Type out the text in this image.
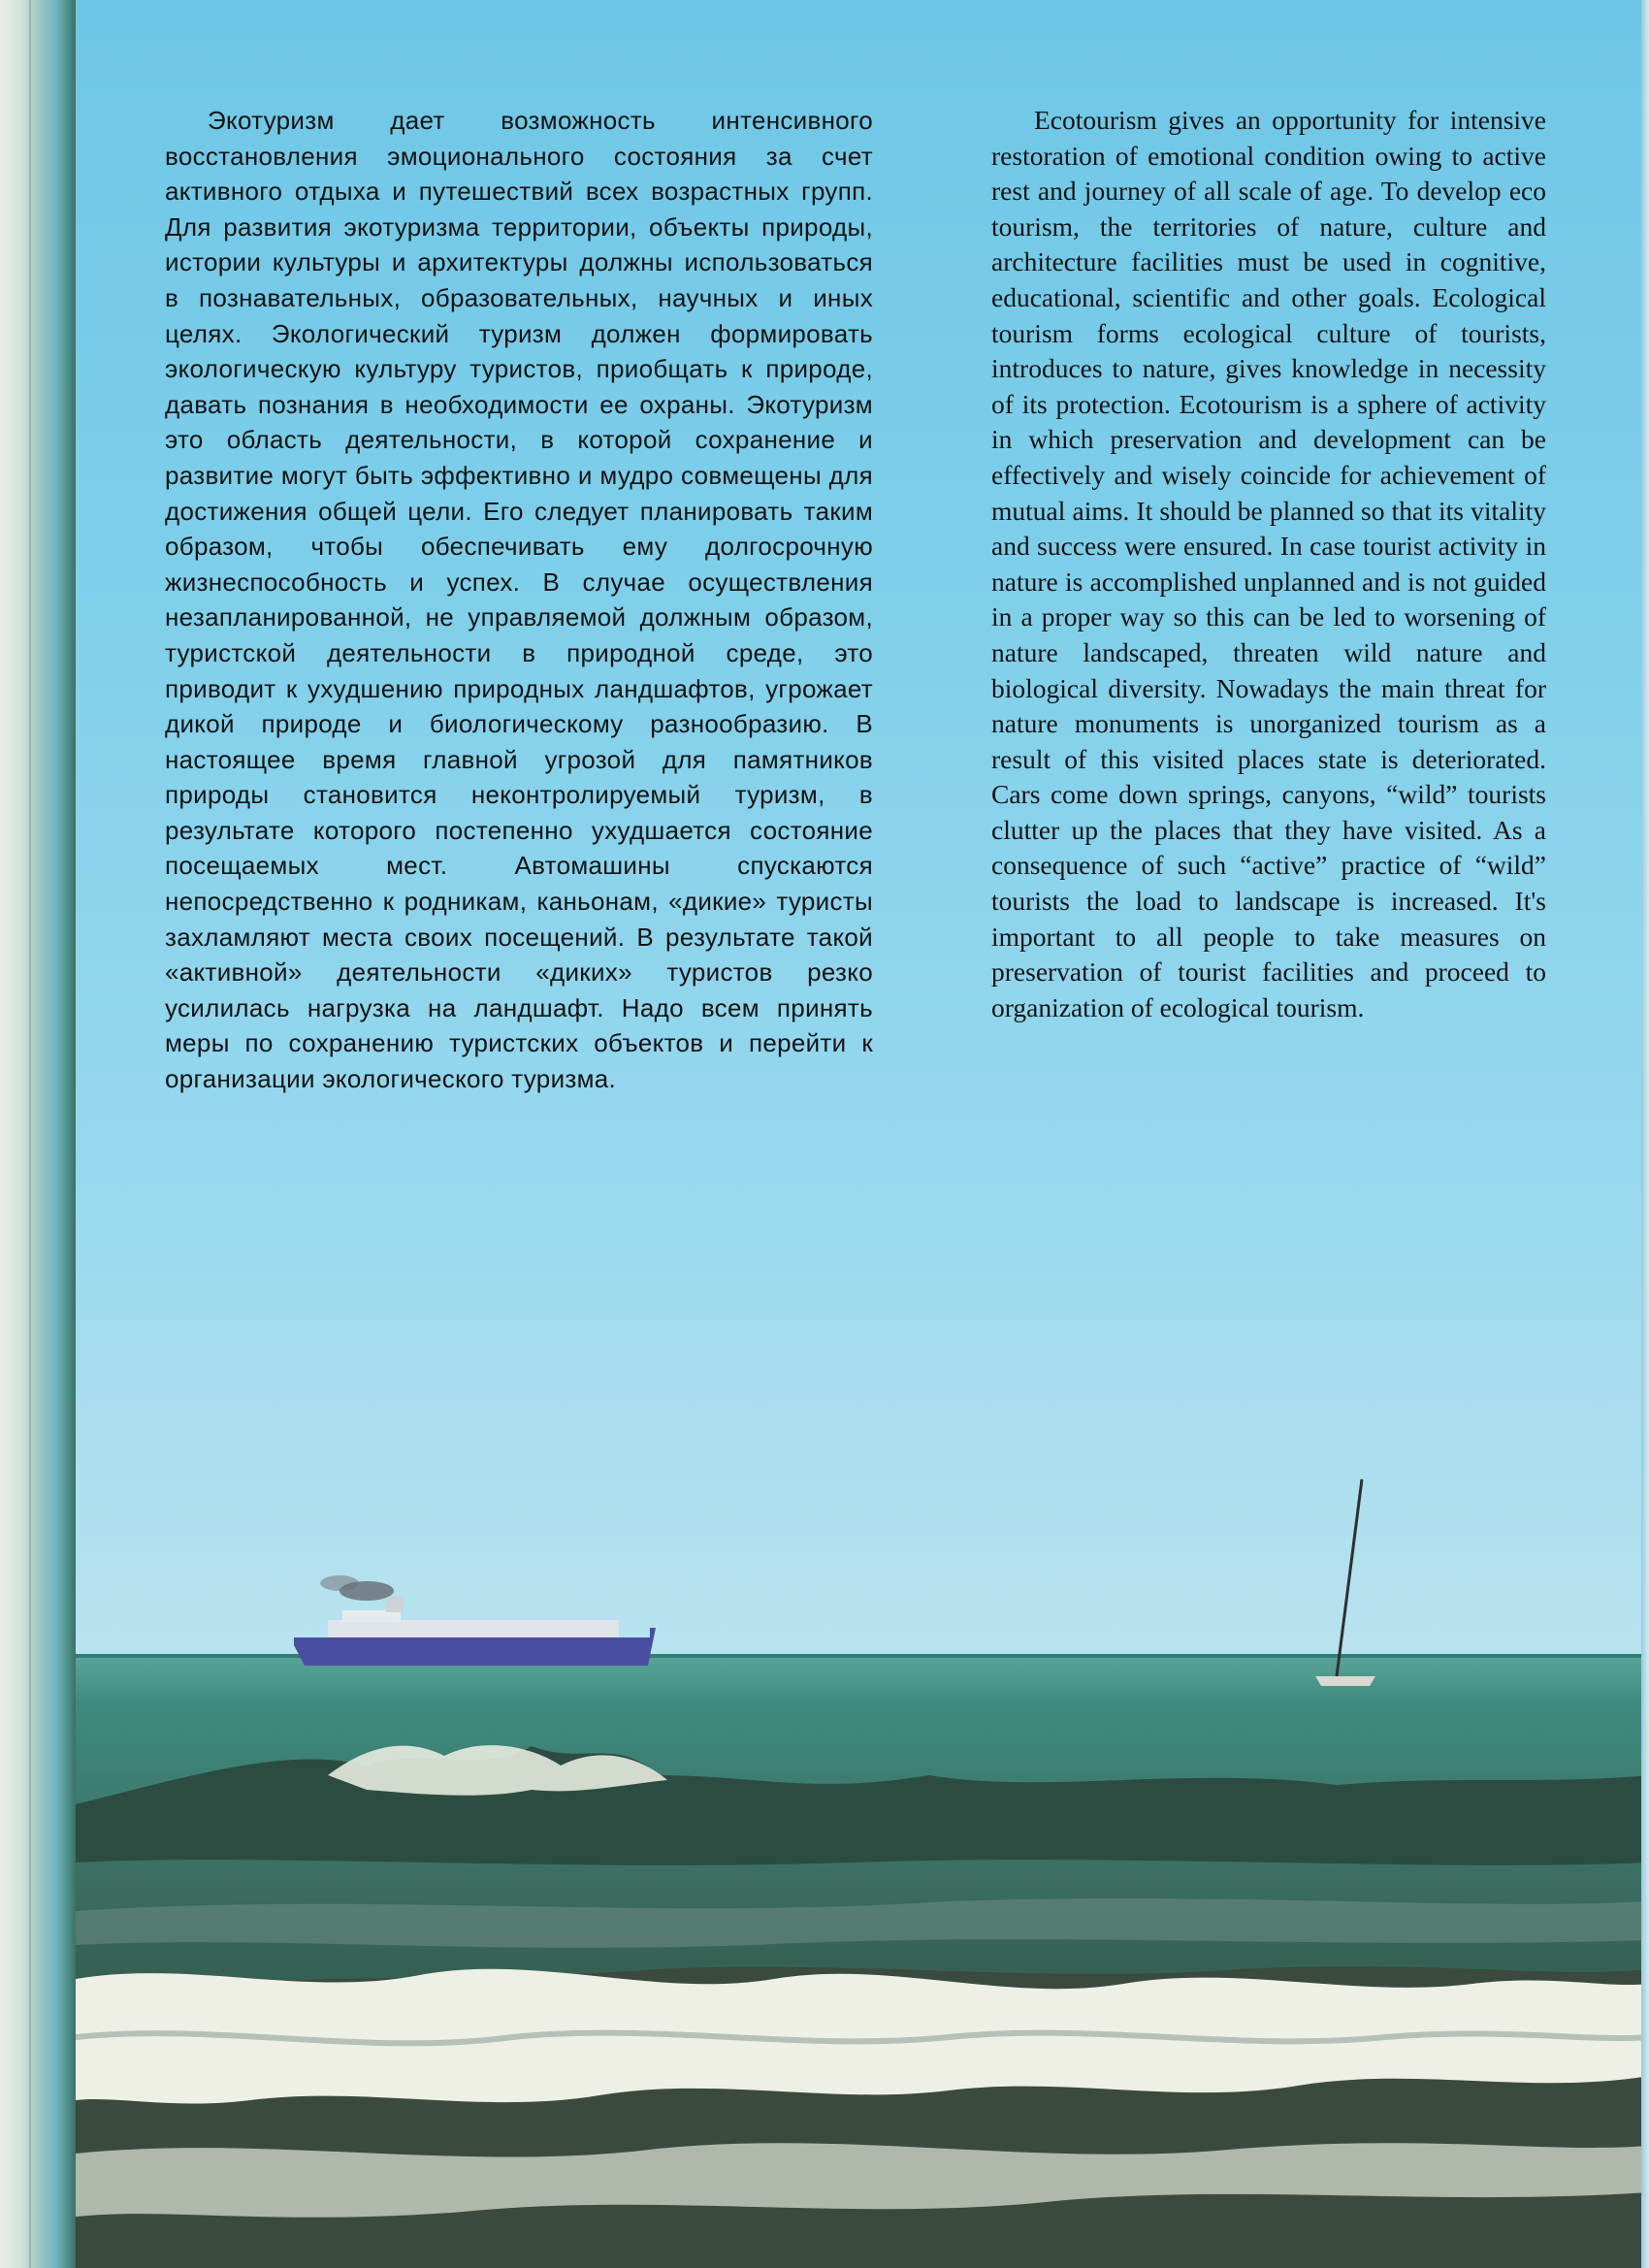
Экотуризм дает возможность интенсивного восстановления эмоционального состояния за счет активного отдыха и путешествий всех возрастных групп. Для развития экотуризма территории, объекты природы, истории культуры и архитектуры должны использоваться в познавательных, образовательных, научных и иных целях. Экологический туризм должен формировать экологическую культуру туристов, приобщать к природе, давать познания в необходимости ее охраны. Экотуризм это область деятельности, в которой сохранение и развитие могут быть эффективно и мудро совмещены для достижения общей цели. Его следует планировать таким образом, чтобы обеспечивать ему долгосрочную жизнеспособность и успех. В случае осуществления незапланированной, не управляемой должным образом, туристской деятельности в природной среде, это приводит к ухудшению природных ландшафтов, угрожает дикой природе и биологическому разнообразию. В настоящее время главной угрозой для памятников природы становится неконтролируемый туризм, в результате которого постепенно ухудшается состояние посещаемых мест. Автомашины спускаются непосредственно к родникам, каньонам, «дикие» туристы захламляют места своих посещений. В результате такой «активной» деятельности «диких» туристов резко усилилась нагрузка на ландшафт. Надо всем принять меры по сохранению туристских объектов и перейти к организации экологического туризма.

Ecotourism gives an opportunity for intensive restoration of emotional condition owing to active rest and journey of all scale of age. To develop eco tourism, the territories of nature, culture and architecture facilities must be used in cognitive, educational, scientific and other goals. Ecological tourism forms ecological culture of tourists, introduces to nature, gives knowledge in necessity of its protection. Ecotourism is a sphere of activity in which preservation and development can be effectively and wisely coincide for achievement of mutual aims. It should be planned so that its vitality and success were ensured. In case tourist activity in nature is accomplished unplanned and is not guided in a proper way so this can be led to worsening of nature landscaped, threaten wild nature and biological diversity. Nowadays the main threat for nature monuments is unorganized tourism as a result of this visited places state is deteriorated. Cars come down springs, canyons, “wild” tourists clutter up the places that they have visited. As a consequence of such “active” practice of “wild” tourists the load to landscape is increased. It's important to all people to take measures on preservation of tourist facilities and proceed to organization of ecological tourism.
